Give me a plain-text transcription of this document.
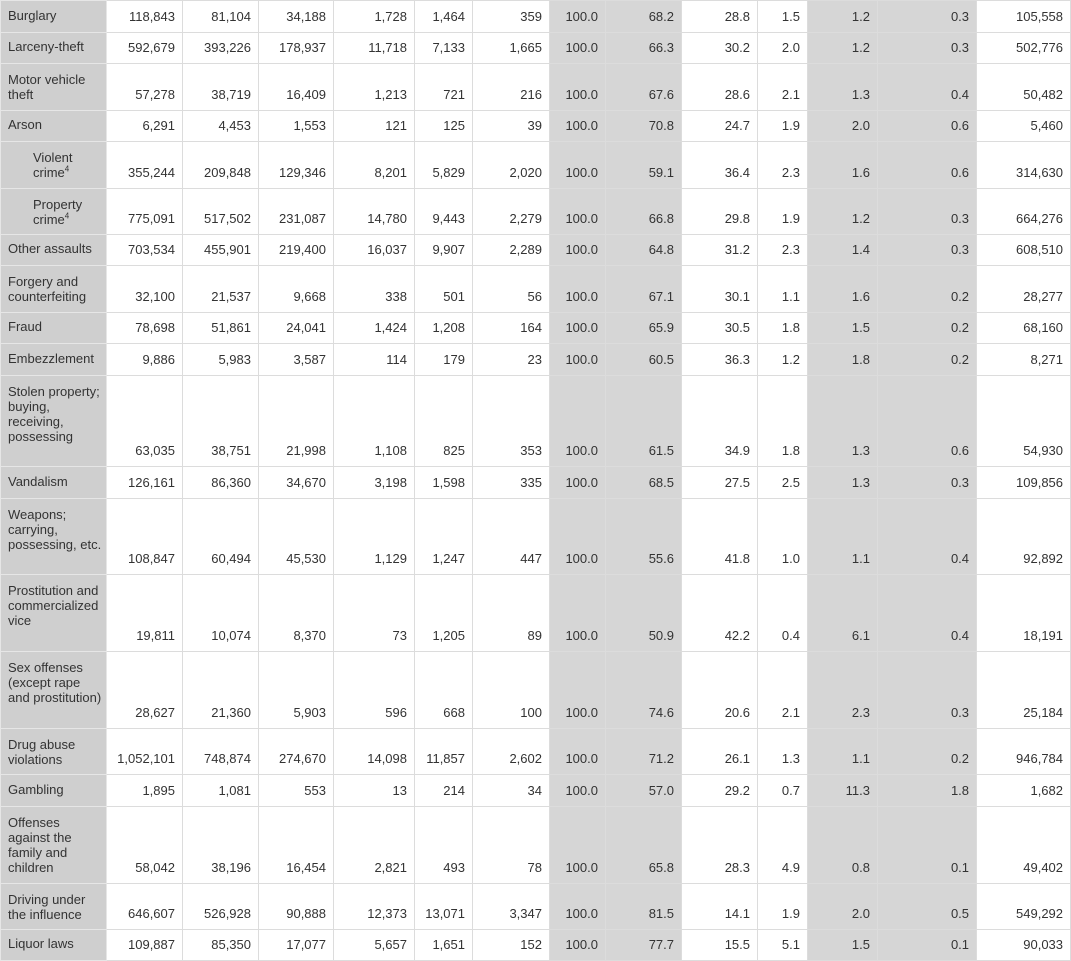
Burglary	118,843	81,104	34,188	1,728	1,464	359	100.0	68.2	28.8	1.5	1.2	0.3	105,558	

Larceny-theft	592,679	393,226	178,937	11,718	7,133	1,665	100.0	66.3	30.2	2.0	1.2	0.3	502,776	

Motor vehicle theft	57,278	38,719	16,409	1,213	721	216	100.0	67.6	28.6	2.1	1.3	0.4	50,482	

Arson	6,291	4,453	1,553	121	125	39	100.0	70.8	24.7	1.9	2.0	0.6	5,460	

Violent crime$^4$	355,244	209,848	129,346	8,201	5,829	2,020	100.0	59.1	36.4	2.3	1.6	0.6	314,630	

Property crime$^4$	775,091	517,502	231,087	14,780	9,443	2,279	100.0	66.8	29.8	1.9	1.2	0.3	664,276	

Other assaults	703,534	455,901	219,400	16,037	9,907	2,289	100.0	64.8	31.2	2.3	1.4	0.3	608,510	

Forgery and counterfeiting	32,100	21,537	9,668	338	501	56	100.0	67.1	30.1	1.1	1.6	0.2	28,277	

Fraud	78,698	51,861	24,041	1,424	1,208	164	100.0	65.9	30.5	1.8	1.5	0.2	68,160	

Embezzlement	9,886	5,983	3,587	114	179	23	100.0	60.5	36.3	1.2	1.8	0.2	8,271	

Stolen property; buying, receiving, possessing	63,035	38,751	21,998	1,108	825	353	100.0	61.5	34.9	1.8	1.3	0.6	54,930	

Vandalism	126,161	86,360	34,670	3,198	1,598	335	100.0	68.5	27.5	2.5	1.3	0.3	109,856	

Weapons; carrying, possessing, etc.	108,847	60,494	45,530	1,129	1,247	447	100.0	55.6	41.8	1.0	1.1	0.4	92,892	

Prostitution and commercialized vice	19,811	10,074	8,370	73	1,205	89	100.0	50.9	42.2	0.4	6.1	0.4	18,191	

Sex offenses (except rape and prostitution)	28,627	21,360	5,903	596	668	100	100.0	74.6	20.6	2.1	2.3	0.3	25,184	

Drug abuse violations	1,052,101	748,874	274,670	14,098	11,857	2,602	100.0	71.2	26.1	1.3	1.1	0.2	946,784	

Gambling	1,895	1,081	553	13	214	34	100.0	57.0	29.2	0.7	11.3	1.8	1,682	

Offenses against the family and children	58,042	38,196	16,454	2,821	493	78	100.0	65.8	28.3	4.9	0.8	0.1	49,402	

Driving under the influence	646,607	526,928	90,888	12,373	13,071	3,347	100.0	81.5	14.1	1.9	2.0	0.5	549,292	

Liquor laws	109,887	85,350	17,077	5,657	1,651	152	100.0	77.7	15.5	5.1	1.5	0.1	90,033	
